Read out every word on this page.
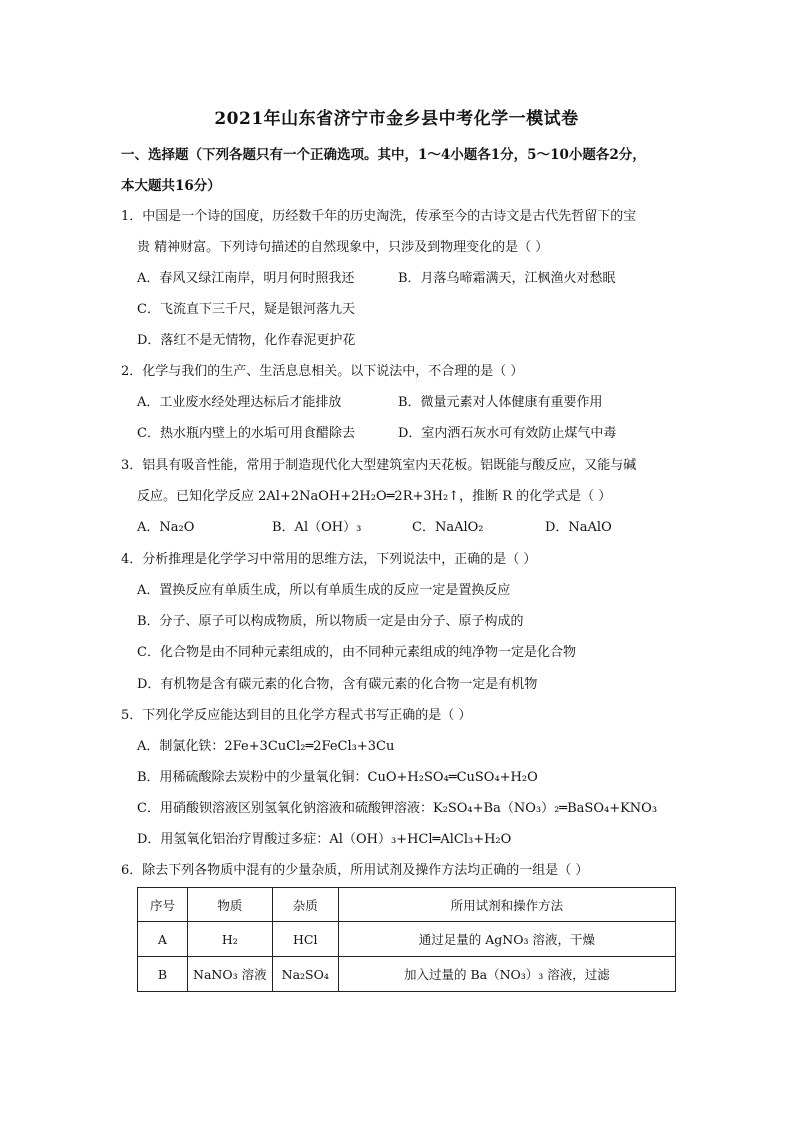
2021年山东省济宁市金乡县中考化学一模试卷
一、选择题（下列各题只有一个正确选项。其中，1～4小题各1分，5～10小题各2分，
本大题共16分）
1．中国是一个诗的国度，历经数千年的历史淘洗，传承至今的古诗文是古代先哲留下的宝
贵 精神财富。下列诗句描述的自然现象中，只涉及到物理变化的是（ ）
A．春风又绿江南岸，明月何时照我还	B．月落乌啼霜满天，江枫渔火对愁眠
C．飞流直下三千尺，疑是银河落九天
D．落红不是无情物，化作春泥更护花
2．化学与我们的生产、生活息息相关。以下说法中，不合理的是（ ）
A．工业废水经处理达标后才能排放	B．微量元素对人体健康有重要作用
C．热水瓶内壁上的水垢可用食醋除去	D．室内洒石灰水可有效防止煤气中毒
3．铝具有吸音性能，常用于制造现代化大型建筑室内天花板。铝既能与酸反应，又能与碱
反应。已知化学反应 2Al+2NaOH+2H₂O═2R+3H₂↑，推断 R 的化学式是（ ）
A．Na₂O	B．Al（OH）₃	C．NaAlO₂	D．NaAlO
4．分析推理是化学学习中常用的思维方法，下列说法中，正确的是（ ）
A．置换反应有单质生成，所以有单质生成的反应一定是置换反应
B．分子、原子可以构成物质，所以物质一定是由分子、原子构成的
C．化合物是由不同种元素组成的，由不同种元素组成的纯净物一定是化合物
D．有机物是含有碳元素的化合物，含有碳元素的化合物一定是有机物
5．下列化学反应能达到目的且化学方程式书写正确的是（ ）
A．制氯化铁：2Fe+3CuCl₂═2FeCl₃+3Cu
B．用稀硫酸除去炭粉中的少量氧化铜：CuO+H₂SO₄═CuSO₄+H₂O
C．用硝酸钡溶液区别氢氧化钠溶液和硫酸钾溶液：K₂SO₄+Ba（NO₃）₂═BaSO₄+KNO₃
D．用氢氧化铝治疗胃酸过多症：Al（OH）₃+HCl═AlCl₃+H₂O
6．除去下列各物质中混有的少量杂质，所用试剂及操作方法均正确的一组是（ ）
序号	物质	杂质	所用试剂和操作方法
A	H₂	HCl	通过足量的 AgNO₃ 溶液，干燥
B	NaNO₃ 溶液	Na₂SO₄	加入过量的 Ba（NO₃）₃ 溶液，过滤
